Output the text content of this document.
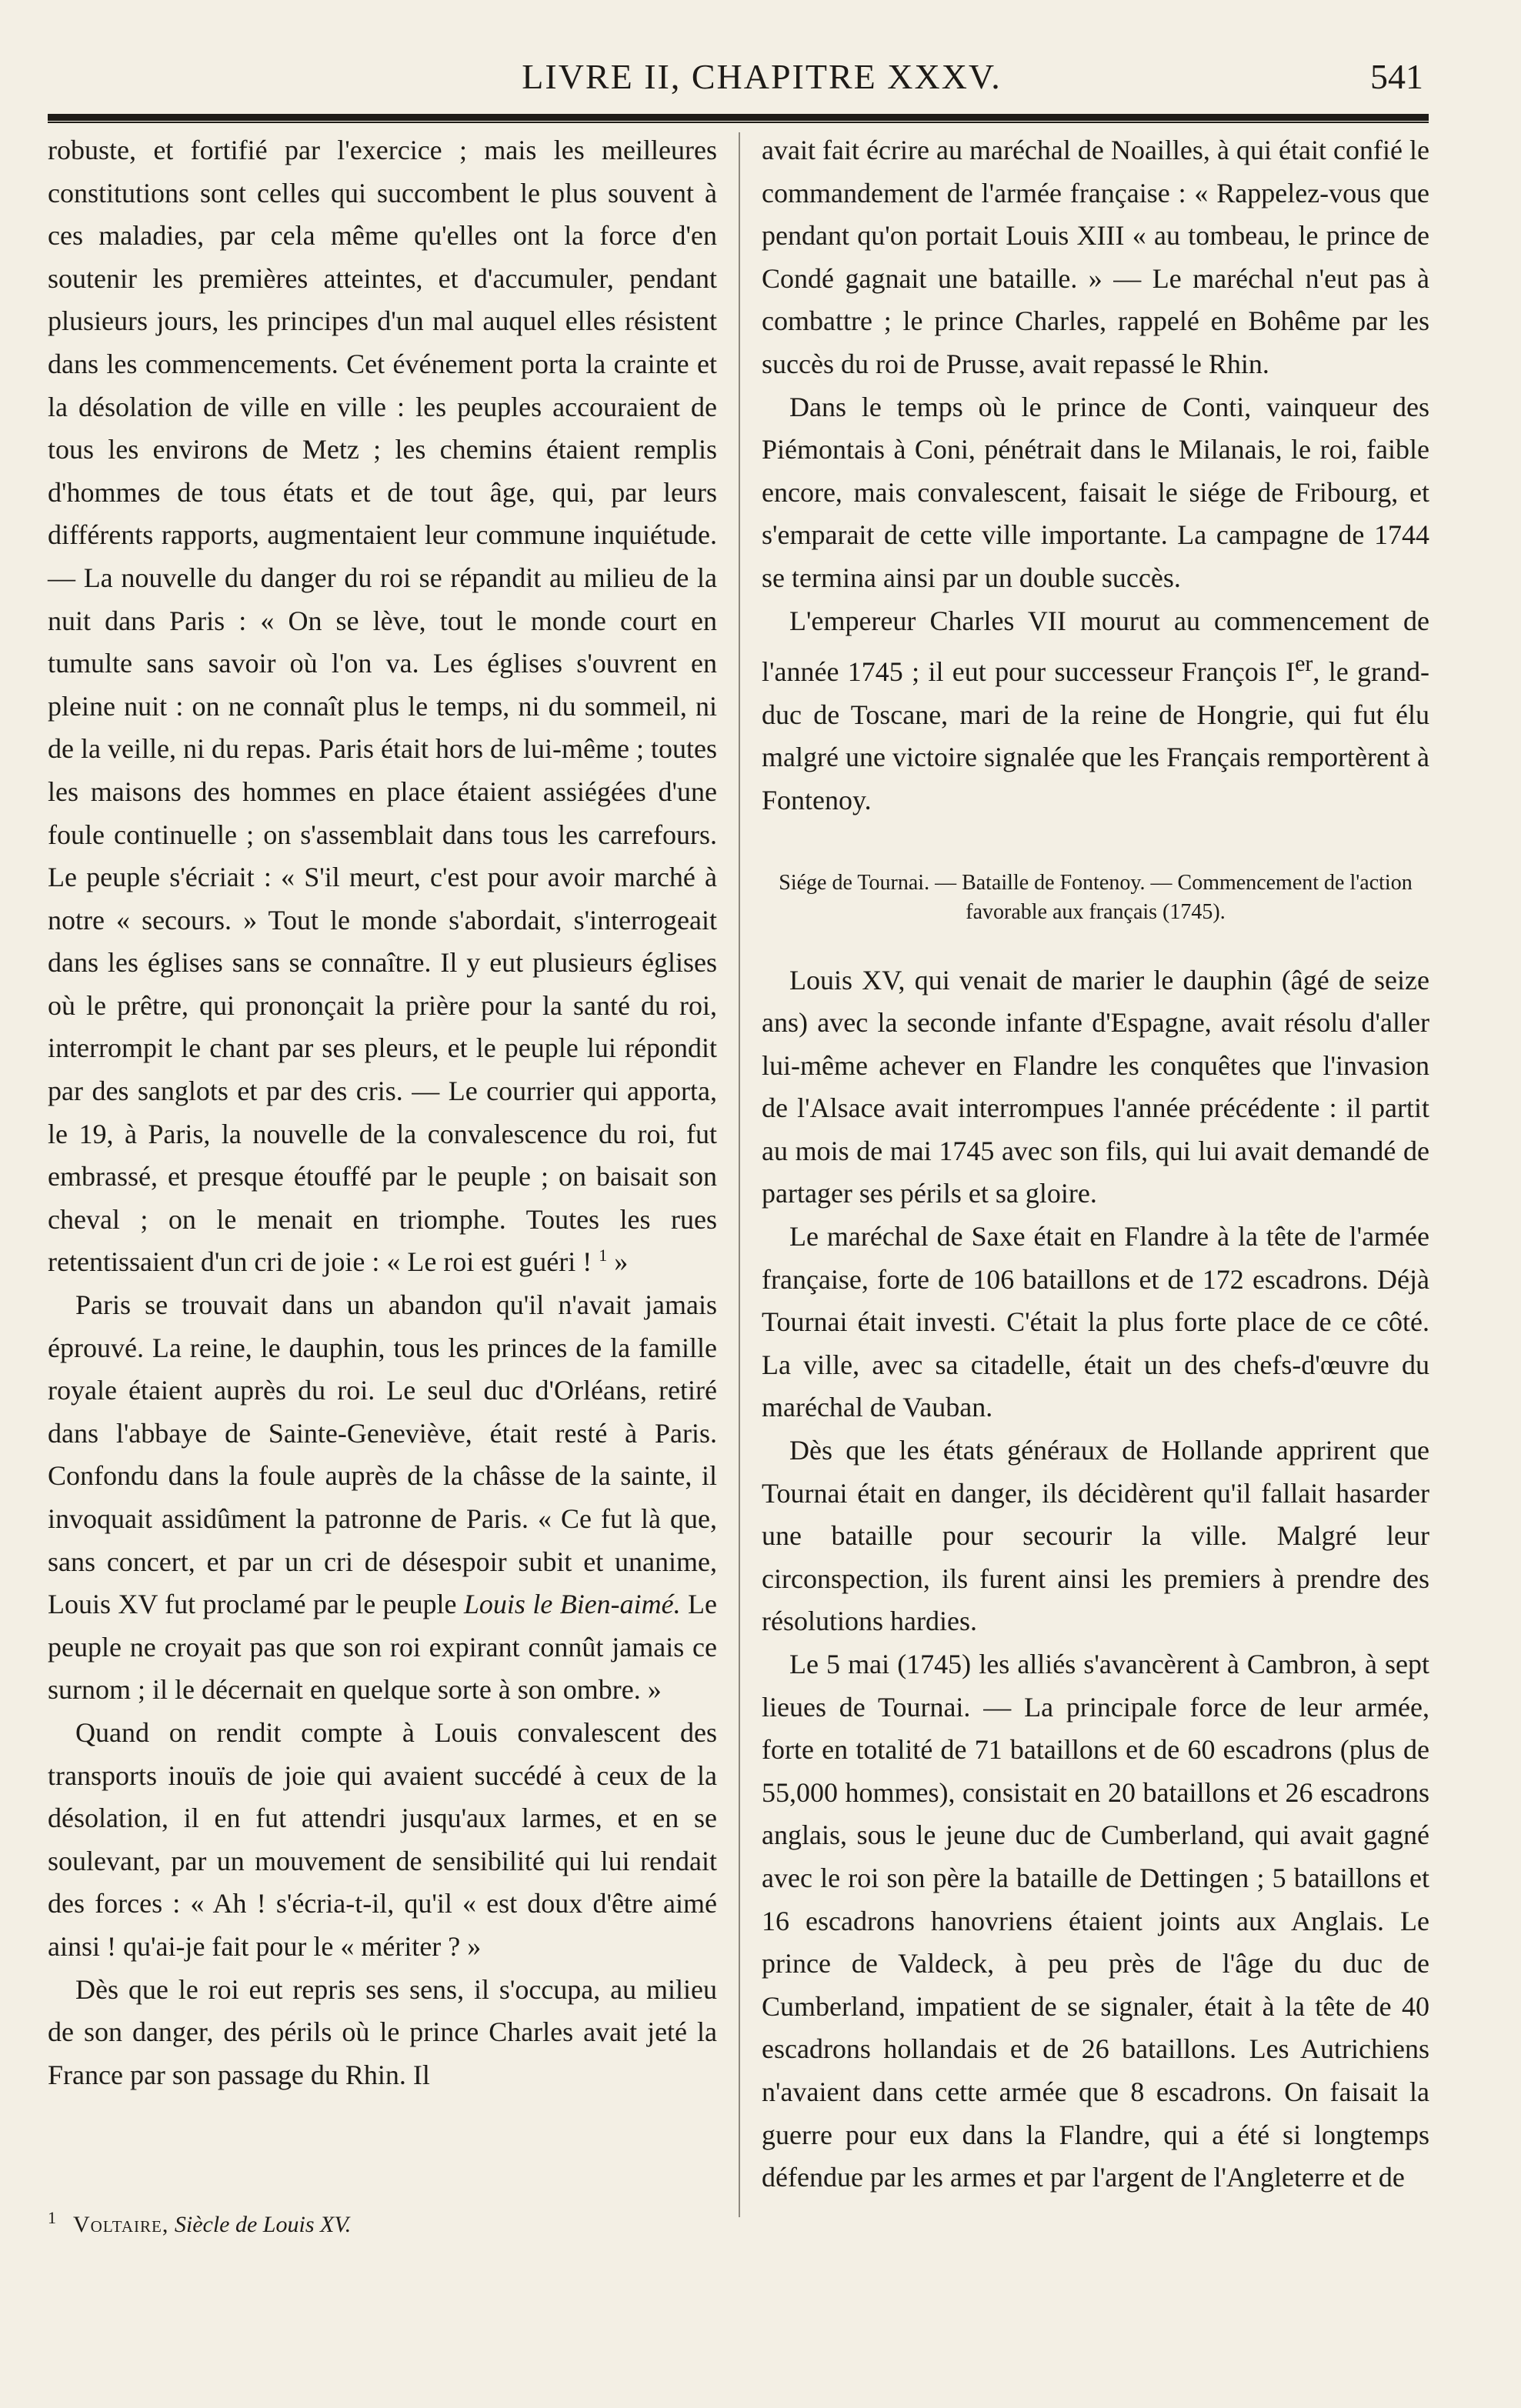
LIVRE II, CHAPITRE XXXV.	541

robuste, et fortifié par l'exercice ; mais les meilleures constitutions sont celles qui succombent le plus souvent à ces maladies, par cela même qu'elles ont la force d'en soutenir les premières atteintes, et d'accumuler, pendant plusieurs jours, les principes d'un mal auquel elles résistent dans les commencements. Cet événement porta la crainte et la désolation de ville en ville : les peuples accouraient de tous les environs de Metz ; les chemins étaient remplis d'hommes de tous états et de tout âge, qui, par leurs différents rapports, augmentaient leur commune inquiétude. — La nouvelle du danger du roi se répandit au milieu de la nuit dans Paris : « On se lève, tout le monde court en tumulte sans savoir où l'on va. Les églises s'ouvrent en pleine nuit : on ne connaît plus le temps, ni du sommeil, ni de la veille, ni du repas. Paris était hors de lui-même ; toutes les maisons des hommes en place étaient assiégées d'une foule continuelle ; on s'assemblait dans tous les carrefours. Le peuple s'écriait : « S'il meurt, c'est pour avoir marché à notre « secours. » Tout le monde s'abordait, s'interrogeait dans les églises sans se connaître. Il y eut plusieurs églises où le prêtre, qui prononçait la prière pour la santé du roi, interrompit le chant par ses pleurs, et le peuple lui répondit par des sanglots et par des cris. — Le courrier qui apporta, le 19, à Paris, la nouvelle de la convalescence du roi, fut embrassé, et presque étouffé par le peuple ; on baisait son cheval ; on le menait en triomphe. Toutes les rues retentissaient d'un cri de joie : « Le roi est guéri ! $^1$ »

Paris se trouvait dans un abandon qu'il n'avait jamais éprouvé. La reine, le dauphin, tous les princes de la famille royale étaient auprès du roi. Le seul duc d'Orléans, retiré dans l'abbaye de Sainte-Geneviève, était resté à Paris. Confondu dans la foule auprès de la châsse de la sainte, il invoquait assidûment la patronne de Paris. « Ce fut là que, sans concert, et par un cri de désespoir subit et unanime, Louis XV fut proclamé par le peuple Louis le Bien-aimé. Le peuple ne croyait pas que son roi expirant connût jamais ce surnom ; il le décernait en quelque sorte à son ombre. »

Quand on rendit compte à Louis convalescent des transports inouïs de joie qui avaient succédé à ceux de la désolation, il en fut attendri jusqu'aux larmes, et en se soulevant, par un mouvement de sensibilité qui lui rendait des forces : « Ah ! s'écria-t-il, qu'il « est doux d'être aimé ainsi ! qu'ai-je fait pour le « mériter ? »

Dès que le roi eut repris ses sens, il s'occupa, au milieu de son danger, des périls où le prince Charles avait jeté la France par son passage du Rhin. Il

avait fait écrire au maréchal de Noailles, à qui était confié le commandement de l'armée française : « Rappelez-vous que pendant qu'on portait Louis XIII « au tombeau, le prince de Condé gagnait une bataille. » — Le maréchal n'eut pas à combattre ; le prince Charles, rappelé en Bohême par les succès du roi de Prusse, avait repassé le Rhin.

Dans le temps où le prince de Conti, vainqueur des Piémontais à Coni, pénétrait dans le Milanais, le roi, faible encore, mais convalescent, faisait le siége de Fribourg, et s'emparait de cette ville importante. La campagne de 1744 se termina ainsi par un double succès.

L'empereur Charles VII mourut au commencement de l'année 1745 ; il eut pour successeur François Ier, le grand-duc de Toscane, mari de la reine de Hongrie, qui fut élu malgré une victoire signalée que les Français remportèrent à Fontenoy.

Siége de Tournai. — Bataille de Fontenoy. — Commencement de l'action favorable aux français (1745).

Louis XV, qui venait de marier le dauphin (âgé de seize ans) avec la seconde infante d'Espagne, avait résolu d'aller lui-même achever en Flandre les conquêtes que l'invasion de l'Alsace avait interrompues l'année précédente : il partit au mois de mai 1745 avec son fils, qui lui avait demandé de partager ses périls et sa gloire.

Le maréchal de Saxe était en Flandre à la tête de l'armée française, forte de 106 bataillons et de 172 escadrons. Déjà Tournai était investi. C'était la plus forte place de ce côté. La ville, avec sa citadelle, était un des chefs-d'œuvre du maréchal de Vauban.

Dès que les états généraux de Hollande apprirent que Tournai était en danger, ils décidèrent qu'il fallait hasarder une bataille pour secourir la ville. Malgré leur circonspection, ils furent ainsi les premiers à prendre des résolutions hardies.

Le 5 mai (1745) les alliés s'avancèrent à Cambron, à sept lieues de Tournai. — La principale force de leur armée, forte en totalité de 71 bataillons et de 60 escadrons (plus de 55,000 hommes), consistait en 20 bataillons et 26 escadrons anglais, sous le jeune duc de Cumberland, qui avait gagné avec le roi son père la bataille de Dettingen ; 5 bataillons et 16 escadrons hanovriens étaient joints aux Anglais. Le prince de Valdeck, à peu près de l'âge du duc de Cumberland, impatient de se signaler, était à la tête de 40 escadrons hollandais et de 26 bataillons. Les Autrichiens n'avaient dans cette armée que 8 escadrons. On faisait la guerre pour eux dans la Flandre, qui a été si longtemps défendue par les armes et par l'argent de l'Angleterre et de

$^1$ Voltaire, Siècle de Louis XV.
